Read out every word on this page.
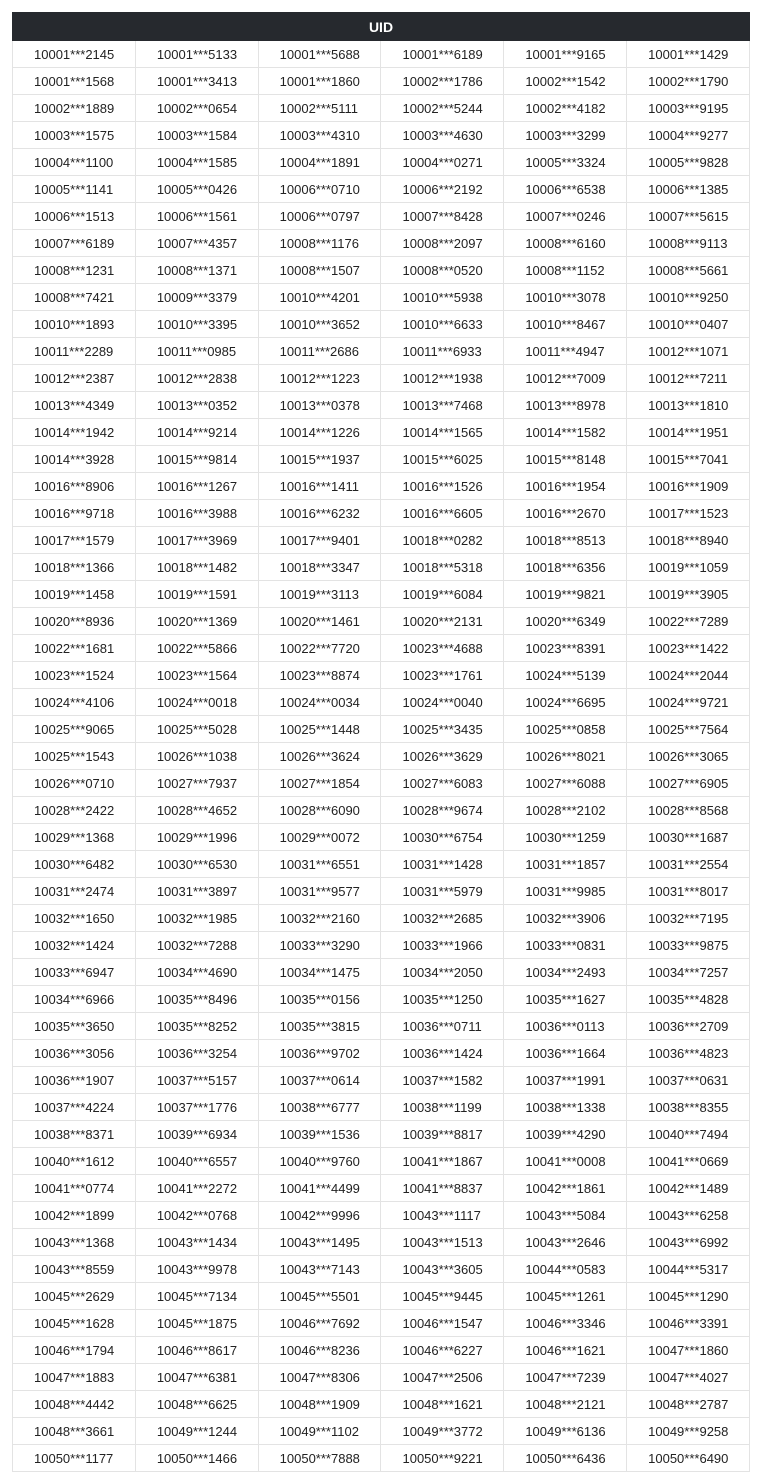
UID					
10001***2145	10001***5133	10001***5688	10001***6189	10001***9165	10001***1429
10001***1568	10001***3413	10001***1860	10002***1786	10002***1542	10002***1790
10002***1889	10002***0654	10002***5111	10002***5244	10002***4182	10003***9195
10003***1575	10003***1584	10003***4310	10003***4630	10003***3299	10004***9277
10004***1100	10004***1585	10004***1891	10004***0271	10005***3324	10005***9828
10005***1141	10005***0426	10006***0710	10006***2192	10006***6538	10006***1385
10006***1513	10006***1561	10006***0797	10007***8428	10007***0246	10007***5615
10007***6189	10007***4357	10008***1176	10008***2097	10008***6160	10008***9113
10008***1231	10008***1371	10008***1507	10008***0520	10008***1152	10008***5661
10008***7421	10009***3379	10010***4201	10010***5938	10010***3078	10010***9250
10010***1893	10010***3395	10010***3652	10010***6633	10010***8467	10010***0407
10011***2289	10011***0985	10011***2686	10011***6933	10011***4947	10012***1071
10012***2387	10012***2838	10012***1223	10012***1938	10012***7009	10012***7211
10013***4349	10013***0352	10013***0378	10013***7468	10013***8978	10013***1810
10014***1942	10014***9214	10014***1226	10014***1565	10014***1582	10014***1951
10014***3928	10015***9814	10015***1937	10015***6025	10015***8148	10015***7041
10016***8906	10016***1267	10016***1411	10016***1526	10016***1954	10016***1909
10016***9718	10016***3988	10016***6232	10016***6605	10016***2670	10017***1523
10017***1579	10017***3969	10017***9401	10018***0282	10018***8513	10018***8940
10018***1366	10018***1482	10018***3347	10018***5318	10018***6356	10019***1059
10019***1458	10019***1591	10019***3113	10019***6084	10019***9821	10019***3905
10020***8936	10020***1369	10020***1461	10020***2131	10020***6349	10022***7289
10022***1681	10022***5866	10022***7720	10023***4688	10023***8391	10023***1422
10023***1524	10023***1564	10023***8874	10023***1761	10024***5139	10024***2044
10024***4106	10024***0018	10024***0034	10024***0040	10024***6695	10024***9721
10025***9065	10025***5028	10025***1448	10025***3435	10025***0858	10025***7564
10025***1543	10026***1038	10026***3624	10026***3629	10026***8021	10026***3065
10026***0710	10027***7937	10027***1854	10027***6083	10027***6088	10027***6905
10028***2422	10028***4652	10028***6090	10028***9674	10028***2102	10028***8568
10029***1368	10029***1996	10029***0072	10030***6754	10030***1259	10030***1687
10030***6482	10030***6530	10031***6551	10031***1428	10031***1857	10031***2554
10031***2474	10031***3897	10031***9577	10031***5979	10031***9985	10031***8017
10032***1650	10032***1985	10032***2160	10032***2685	10032***3906	10032***7195
10032***1424	10032***7288	10033***3290	10033***1966	10033***0831	10033***9875
10033***6947	10034***4690	10034***1475	10034***2050	10034***2493	10034***7257
10034***6966	10035***8496	10035***0156	10035***1250	10035***1627	10035***4828
10035***3650	10035***8252	10035***3815	10036***0711	10036***0113	10036***2709
10036***3056	10036***3254	10036***9702	10036***1424	10036***1664	10036***4823
10036***1907	10037***5157	10037***0614	10037***1582	10037***1991	10037***0631
10037***4224	10037***1776	10038***6777	10038***1199	10038***1338	10038***8355
10038***8371	10039***6934	10039***1536	10039***8817	10039***4290	10040***7494
10040***1612	10040***6557	10040***9760	10041***1867	10041***0008	10041***0669
10041***0774	10041***2272	10041***4499	10041***8837	10042***1861	10042***1489
10042***1899	10042***0768	10042***9996	10043***1117	10043***5084	10043***6258
10043***1368	10043***1434	10043***1495	10043***1513	10043***2646	10043***6992
10043***8559	10043***9978	10043***7143	10043***3605	10044***0583	10044***5317
10045***2629	10045***7134	10045***5501	10045***9445	10045***1261	10045***1290
10045***1628	10045***1875	10046***7692	10046***1547	10046***3346	10046***3391
10046***1794	10046***8617	10046***8236	10046***6227	10046***1621	10047***1860
10047***1883	10047***6381	10047***8306	10047***2506	10047***7239	10047***4027
10048***4442	10048***6625	10048***1909	10048***1621	10048***2121	10048***2787
10048***3661	10049***1244	10049***1102	10049***3772	10049***6136	10049***9258
10050***1177	10050***1466	10050***7888	10050***9221	10050***6436	10050***6490
